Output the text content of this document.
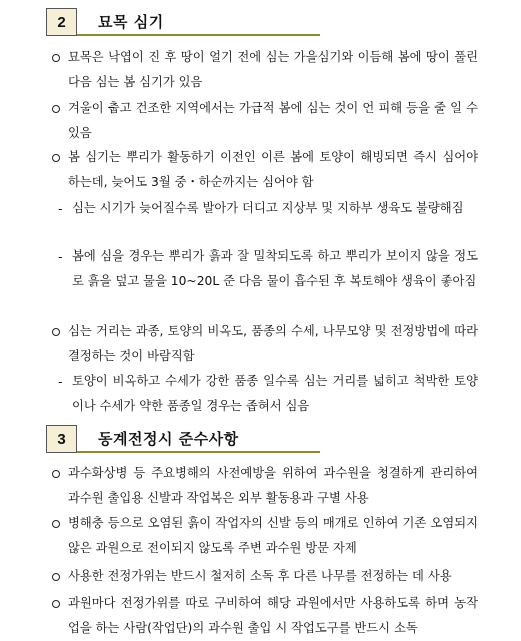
2	묘목 심기
묘목은 낙엽이 진 후 땅이 얼기 전에 심는 가을심기와 이듬해 봄에 땅이 풀린 다음 심는 봄 심기가 있음
겨울이 춥고 건조한 지역에서는 가급적 봄에 심는 것이 언 피해 등을 줄 일 수 있음
봄 심기는 뿌리가 활동하기 이전인 이른 봄에 토양이 해빙되면 즉시 심어야 하는데, 늦어도 3월 중・하순까지는 심어야 함
- 심는 시기가 늦어질수록 발아가 더디고 지상부 및 지하부 생육도 불량해짐
- 봄에 심을 경우는 뿌리가 흙과 잘 밀착되도록 하고 뿌리가 보이지 않을 정도로 흙을 덮고 물을 10~20L 준 다음 물이 흡수된 후 복토해야 생육이 좋아짐
심는 거리는 과종, 토양의 비옥도, 품종의 수세, 나무모양 및 전정방법에 따라 결정하는 것이 바람직함
- 토양이 비옥하고 수세가 강한 품종 일수록 심는 거리를 넓히고 척박한 토양이나 수세가 약한 품종일 경우는 좁혀서 심음
3	동계전정시 준수사항
과수화상병 등 주요병해의 사전예방을 위하여 과수원을 청결하게 관리하여 과수원 출입용 신발과 작업복은 외부 활동용과 구별 사용
병해충 등으로 오염된 흙이 작업자의 신발 등의 매개로 인하여 기존 오염되지 않은 과원으로 전이되지 않도록 주변 과수원 방문 자제
사용한 전정가위는 반드시 철저히 소독 후 다른 나무를 전정하는 데 사용
과원마다 전정가위를 따로 구비하여 해당 과원에서만 사용하도록 하며 농작업을 하는 사람(작업단)의 과수원 출입 시 작업도구를 반드시 소독
